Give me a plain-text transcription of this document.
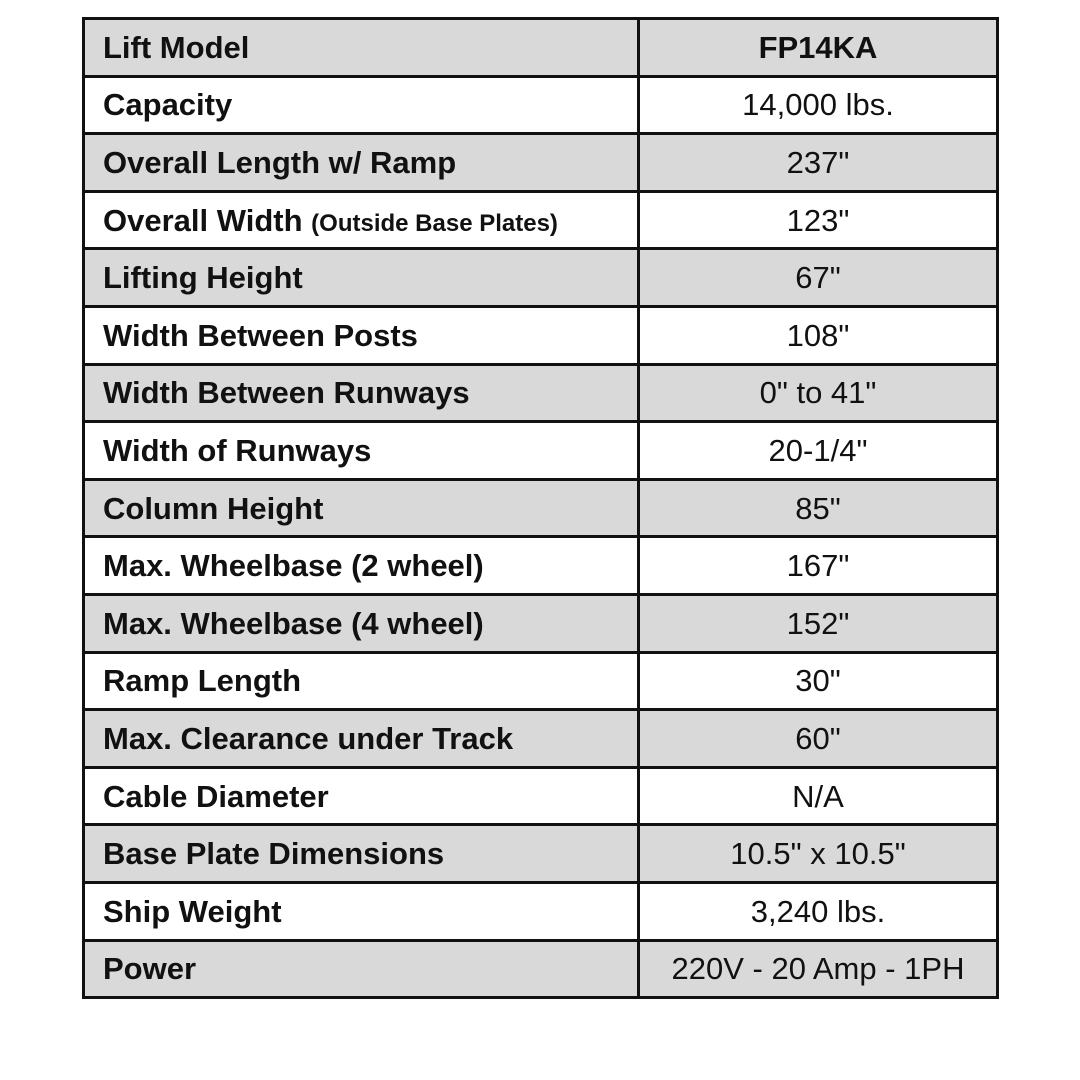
Lift Model	FP14KA
Capacity	14,000 lbs.
Overall Length w/ Ramp	237"
Overall Width (Outside Base Plates)	123"
Lifting Height	67"
Width Between Posts	108"
Width Between Runways	0" to 41"
Width of Runways	20-1/4"
Column Height	85"
Max. Wheelbase (2 wheel)	167"
Max. Wheelbase (4 wheel)	152"
Ramp Length	30"
Max. Clearance under Track	60"
Cable Diameter	N/A
Base Plate Dimensions	10.5" x 10.5"
Ship Weight	3,240 lbs.
Power	220V - 20 Amp - 1PH
